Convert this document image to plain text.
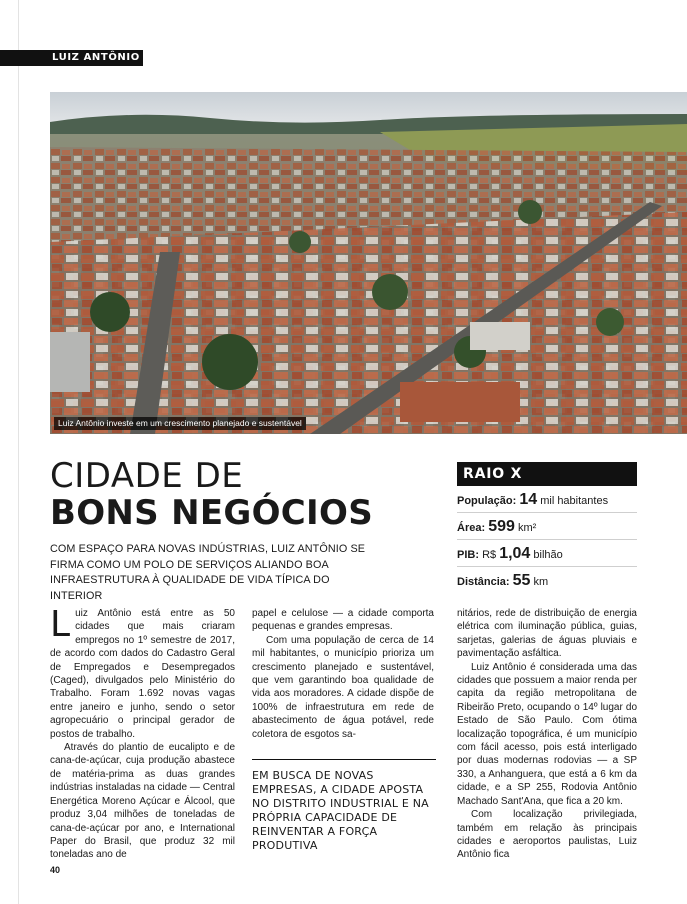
LUIZ ANTÔNIO
Luiz Antônio investe em um crescimento planejado e sustentável
CIDADE DE
BONS NEGÓCIOS
COM ESPAÇO PARA NOVAS INDÚSTRIAS, LUIZ ANTÔNIO SE FIRMA COMO UM POLO DE SERVIÇOS ALIANDO BOA INFRAESTRUTURA À QUALIDADE DE VIDA TÍPICA DO INTERIOR
RAIO X
População: 14 mil habitantes
Área: 599 km²
PIB: R$ 1,04 bilhão
Distância: 55 km

Luiz Antônio está entre as 50 cidades que mais criaram empregos no 1º semestre de 2017, de acordo com dados do Cadastro Geral de Empregados e Desempregados (Caged), divulgados pelo Ministério do Trabalho. Foram 1.692 novas vagas entre janeiro e junho, sendo o setor agropecuário o principal gerador de postos de trabalho.

Através do plantio de eucalipto e de cana-de-açúcar, cuja produção abastece de matéria-prima as duas grandes indústrias instaladas na cidade — Central Energética Moreno Açúcar e Álcool, que produz 3,04 milhões de toneladas de cana-de-açúcar por ano, e International Paper do Brasil, que produz 32 mil toneladas ano de

papel e celulose — a cidade comporta pequenas e grandes empresas.

Com uma população de cerca de 14 mil habitantes, o município prioriza um crescimento planejado e sustentável, que vem garantindo boa qualidade de vida aos moradores. A cidade dispõe de 100% de infraestrutura em rede de abastecimento de água potável, rede coletora de esgotos sa-

EM BUSCA DE NOVAS EMPRESAS, A CIDADE APOSTA NO DISTRITO INDUSTRIAL E NA PRÓPRIA CAPACIDADE DE REINVENTAR A FORÇA PRODUTIVA

nitários, rede de distribuição de energia elétrica com iluminação pública, guias, sarjetas, galerias de águas pluviais e pavimentação asfáltica.

Luiz Antônio é considerada uma das cidades que possuem a maior renda per capita da região metropolitana de Ribeirão Preto, ocupando o 14º lugar do Estado de São Paulo. Com ótima localização topográfica, é um município com fácil acesso, pois está interligado por duas modernas rodovias — a SP 330, a Anhanguera, que está a 6 km da cidade, e a SP 255, Rodovia Antônio Machado Sant'Ana, que fica a 20 km.

Com localização privilegiada, também em relação às principais cidades e aeroportos paulistas, Luiz Antônio fica

40
